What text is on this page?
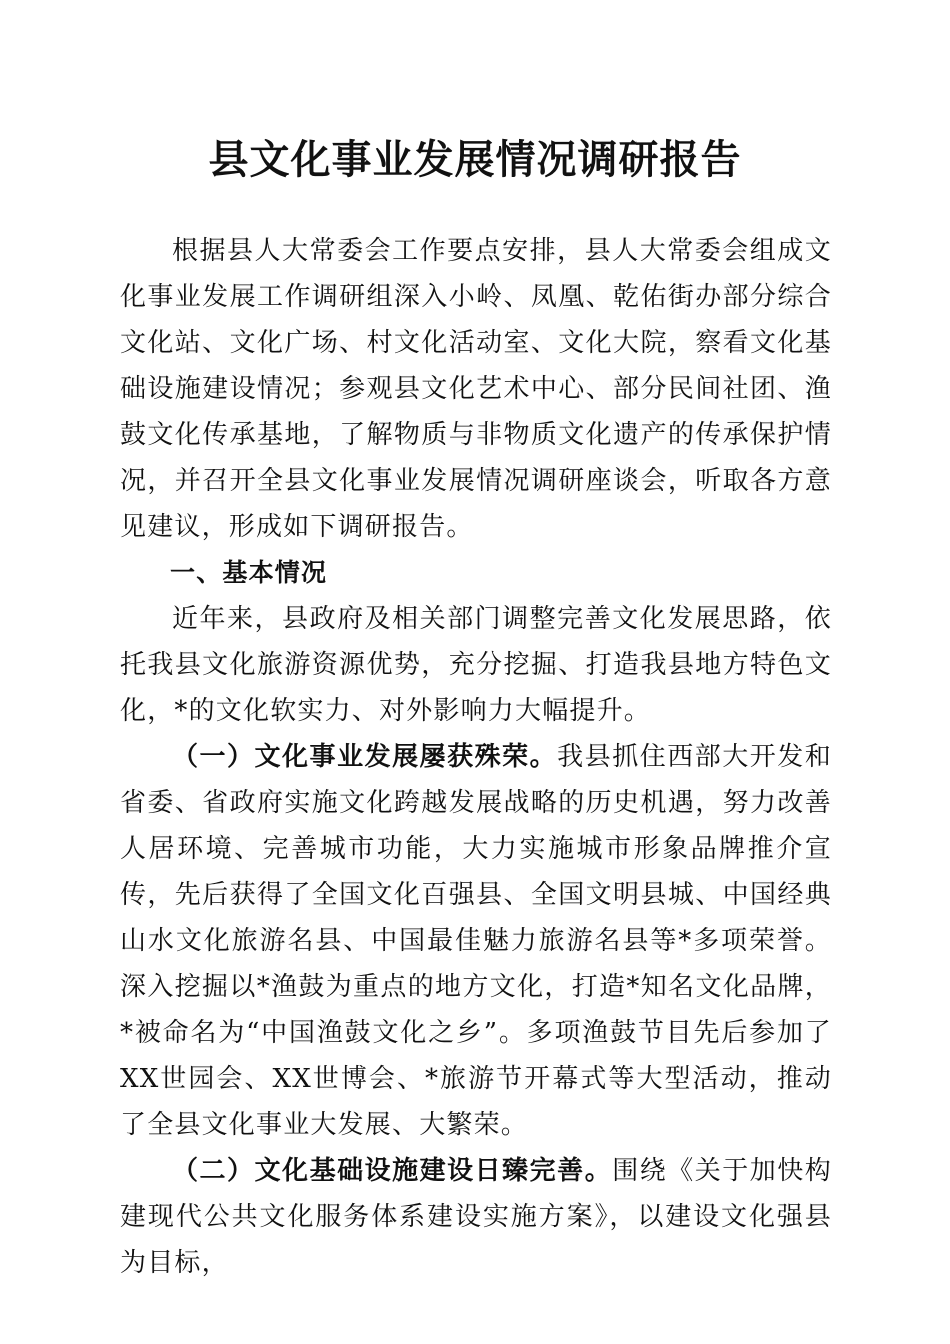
县文化事业发展情况调研报告

根据县人大常委会工作要点安排，县人大常委会组成文化事业发展工作调研组深入小岭、凤凰、乾佑街办部分综合文化站、文化广场、村文化活动室、文化大院，察看文化基础设施建设情况；参观县文化艺术中心、部分民间社团、渔鼓文化传承基地，了解物质与非物质文化遗产的传承保护情况，并召开全县文化事业发展情况调研座谈会，听取各方意见建议，形成如下调研报告。

一、基本情况

近年来，县政府及相关部门调整完善文化发展思路，依托我县文化旅游资源优势，充分挖掘、打造我县地方特色文化，*的文化软实力、对外影响力大幅提升。

（一）文化事业发展屡获殊荣。我县抓住西部大开发和省委、省政府实施文化跨越发展战略的历史机遇，努力改善人居环境、完善城市功能，大力实施城市形象品牌推介宣传，先后获得了全国文化百强县、全国文明县城、中国经典山水文化旅游名县、中国最佳魅力旅游名县等*多项荣誉。深入挖掘以*渔鼓为重点的地方文化，打造*知名文化品牌，*被命名为“中国渔鼓文化之乡”。多项渔鼓节目先后参加了XX世园会、XX世博会、*旅游节开幕式等大型活动，推动了全县文化事业大发展、大繁荣。

（二）文化基础设施建设日臻完善。围绕《关于加快构建现代公共文化服务体系建设实施方案》，以建设文化强县为目标，
